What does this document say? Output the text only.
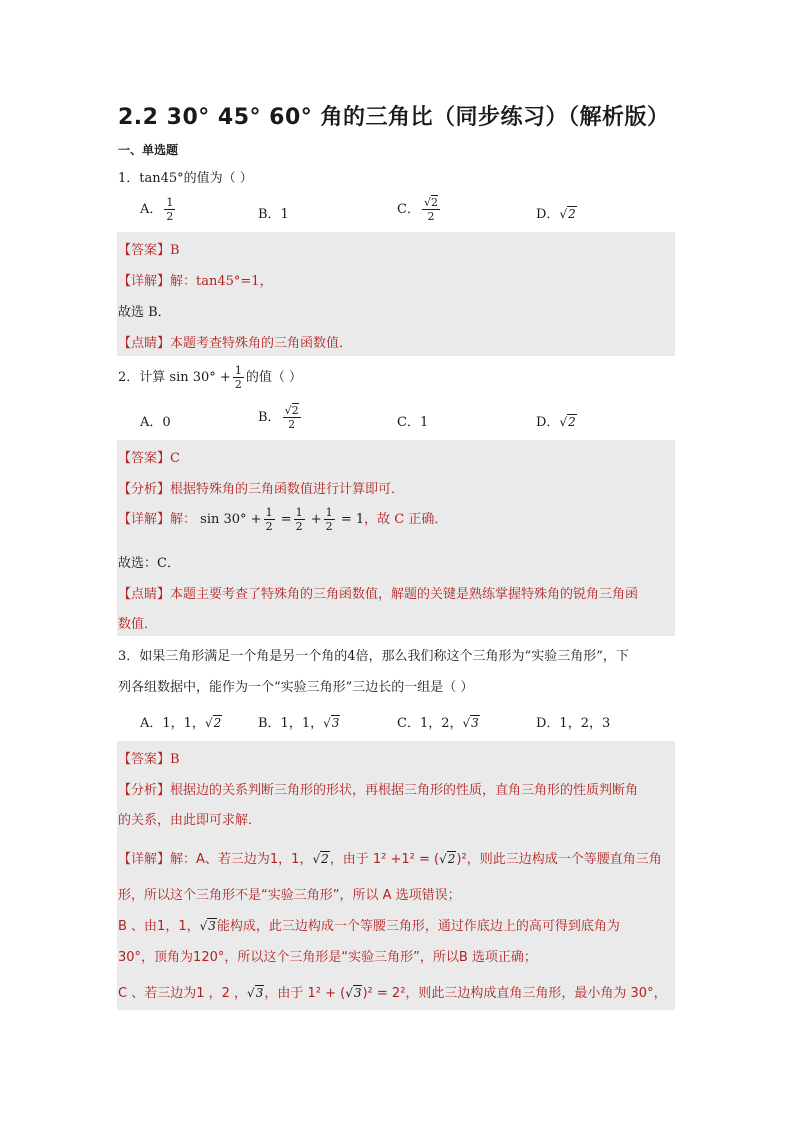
2.2 30° 45° 60° 角的三角比（同步练习）（解析版）
一、单选题
1．tan45°的值为（ ）
A． $\frac{1}{2}$	B．1	C． $\frac{√2}{2}$	D．√2
【答案】B
【详解】解：tan45°=1，
故选 B．
【点睛】本题考查特殊角的三角函数值．
2．计算 $\sin 30^\circ + \frac{1}{2}$ 的值（ ）
A．0	B． $\frac{√2}{2}$	C．1	D．√2
【答案】C
【分析】根据特殊角的三角函数值进行计算即可．
【详解】解： $\sin 30^\circ + \frac{1}{2} = \frac{1}{2} + \frac{1}{2} = 1$，故 C 正确．
故选：C．
【点睛】本题主要考查了特殊角的三角函数值，解题的关键是熟练掌握特殊角的锐角三角函
数值．
3．如果三角形满足一个角是另一个角的4倍，那么我们称这个三角形为“实验三角形”，下
列各组数据中，能作为一个“实验三角形”三边长的一组是（ ）
A．1，1，√2	B．1，1，√3	C．1，2，√3	D．1，2，3
【答案】B
【分析】根据边的关系判断三角形的形状，再根据三角形的性质，直角三角形的性质判断角
的关系，由此即可求解．
【详解】解：A、若三边为1，1，√2，由于 1² +1² = (√2)²，则此三边构成一个等腰直角三角
形，所以这个三角形不是“实验三角形”，所以 A 选项错误；
B 、由1，1，√3能构成，此三边构成一个等腰三角形，通过作底边上的高可得到底角为
30°，顶角为120°，所以这个三角形是“实验三角形”，所以B 选项正确；
C 、若三边为1 ，2 ，√3，由于 1² + (√3)² = 2²，则此三边构成直角三角形，最小角为 30°，
